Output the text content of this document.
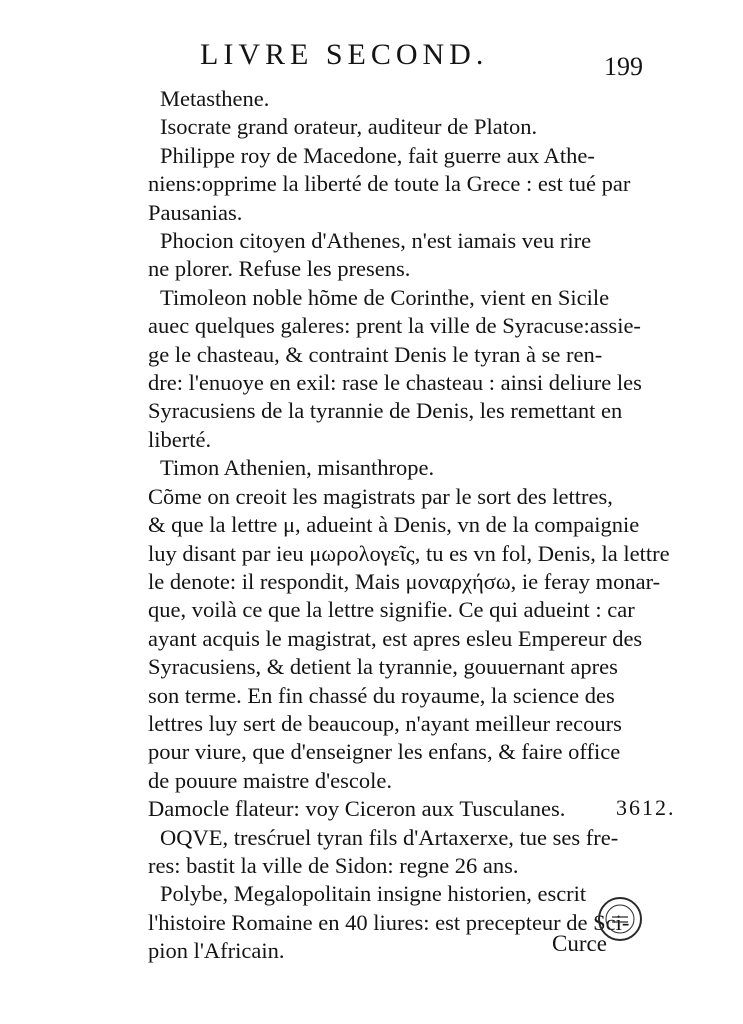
LIVRE SECOND.	199
Metasthene.
Isocrate grand orateur, auditeur de Platon.
Philippe roy de Macedone, fait guerre aux Athe-
niens:opprime la liberté de toute la Grece : est tué par
Pausanias.
Phocion citoyen d'Athenes, n'est iamais veu rire
ne plorer. Refuse les presens.
Timoleon noble hõme de Corinthe, vient en Sicile
auec quelques galeres: prent la ville de Syracuse:assie-
ge le chasteau, & contraint Denis le tyran à se ren-
dre: l'enuoye en exil: rase le chasteau : ainsi deliure les
Syracusiens de la tyrannie de Denis, les remettant en
liberté.
Timon Athenien, misanthrope.
Cõme on creoit les magistrats par le sort des lettres,
& que la lettre μ, adueint à Denis, vn de la compaignie
luy disant par ieu μωρολογεῖς, tu es vn fol, Denis, la lettre
le denote: il respondit, Mais μοναρχήσω, ie feray monar-
que, voilà ce que la lettre signifie. Ce qui adueint : car
ayant acquis le magistrat, est apres esleu Empereur des
Syracusiens, & detient la tyrannie, gouuernant apres
son terme. En fin chassé du royaume, la science des
lettres luy sert de beaucoup, n'ayant meilleur recours
pour viure, que d'enseigner les enfans, & faire office
de pouure maistre d'escole.
Damocle flateur: voy Ciceron aux Tusculanes.
OQVE, tresćruel tyran fils d'Artaxerxe, tue ses fre-
res: bastit la ville de Sidon: regne 26 ans.
Polybe, Megalopolitain insigne historien, escrit
l'histoire Romaine en 40 liures: est precepteur de Sci-
pion l'Africain.
3612.
Curce
